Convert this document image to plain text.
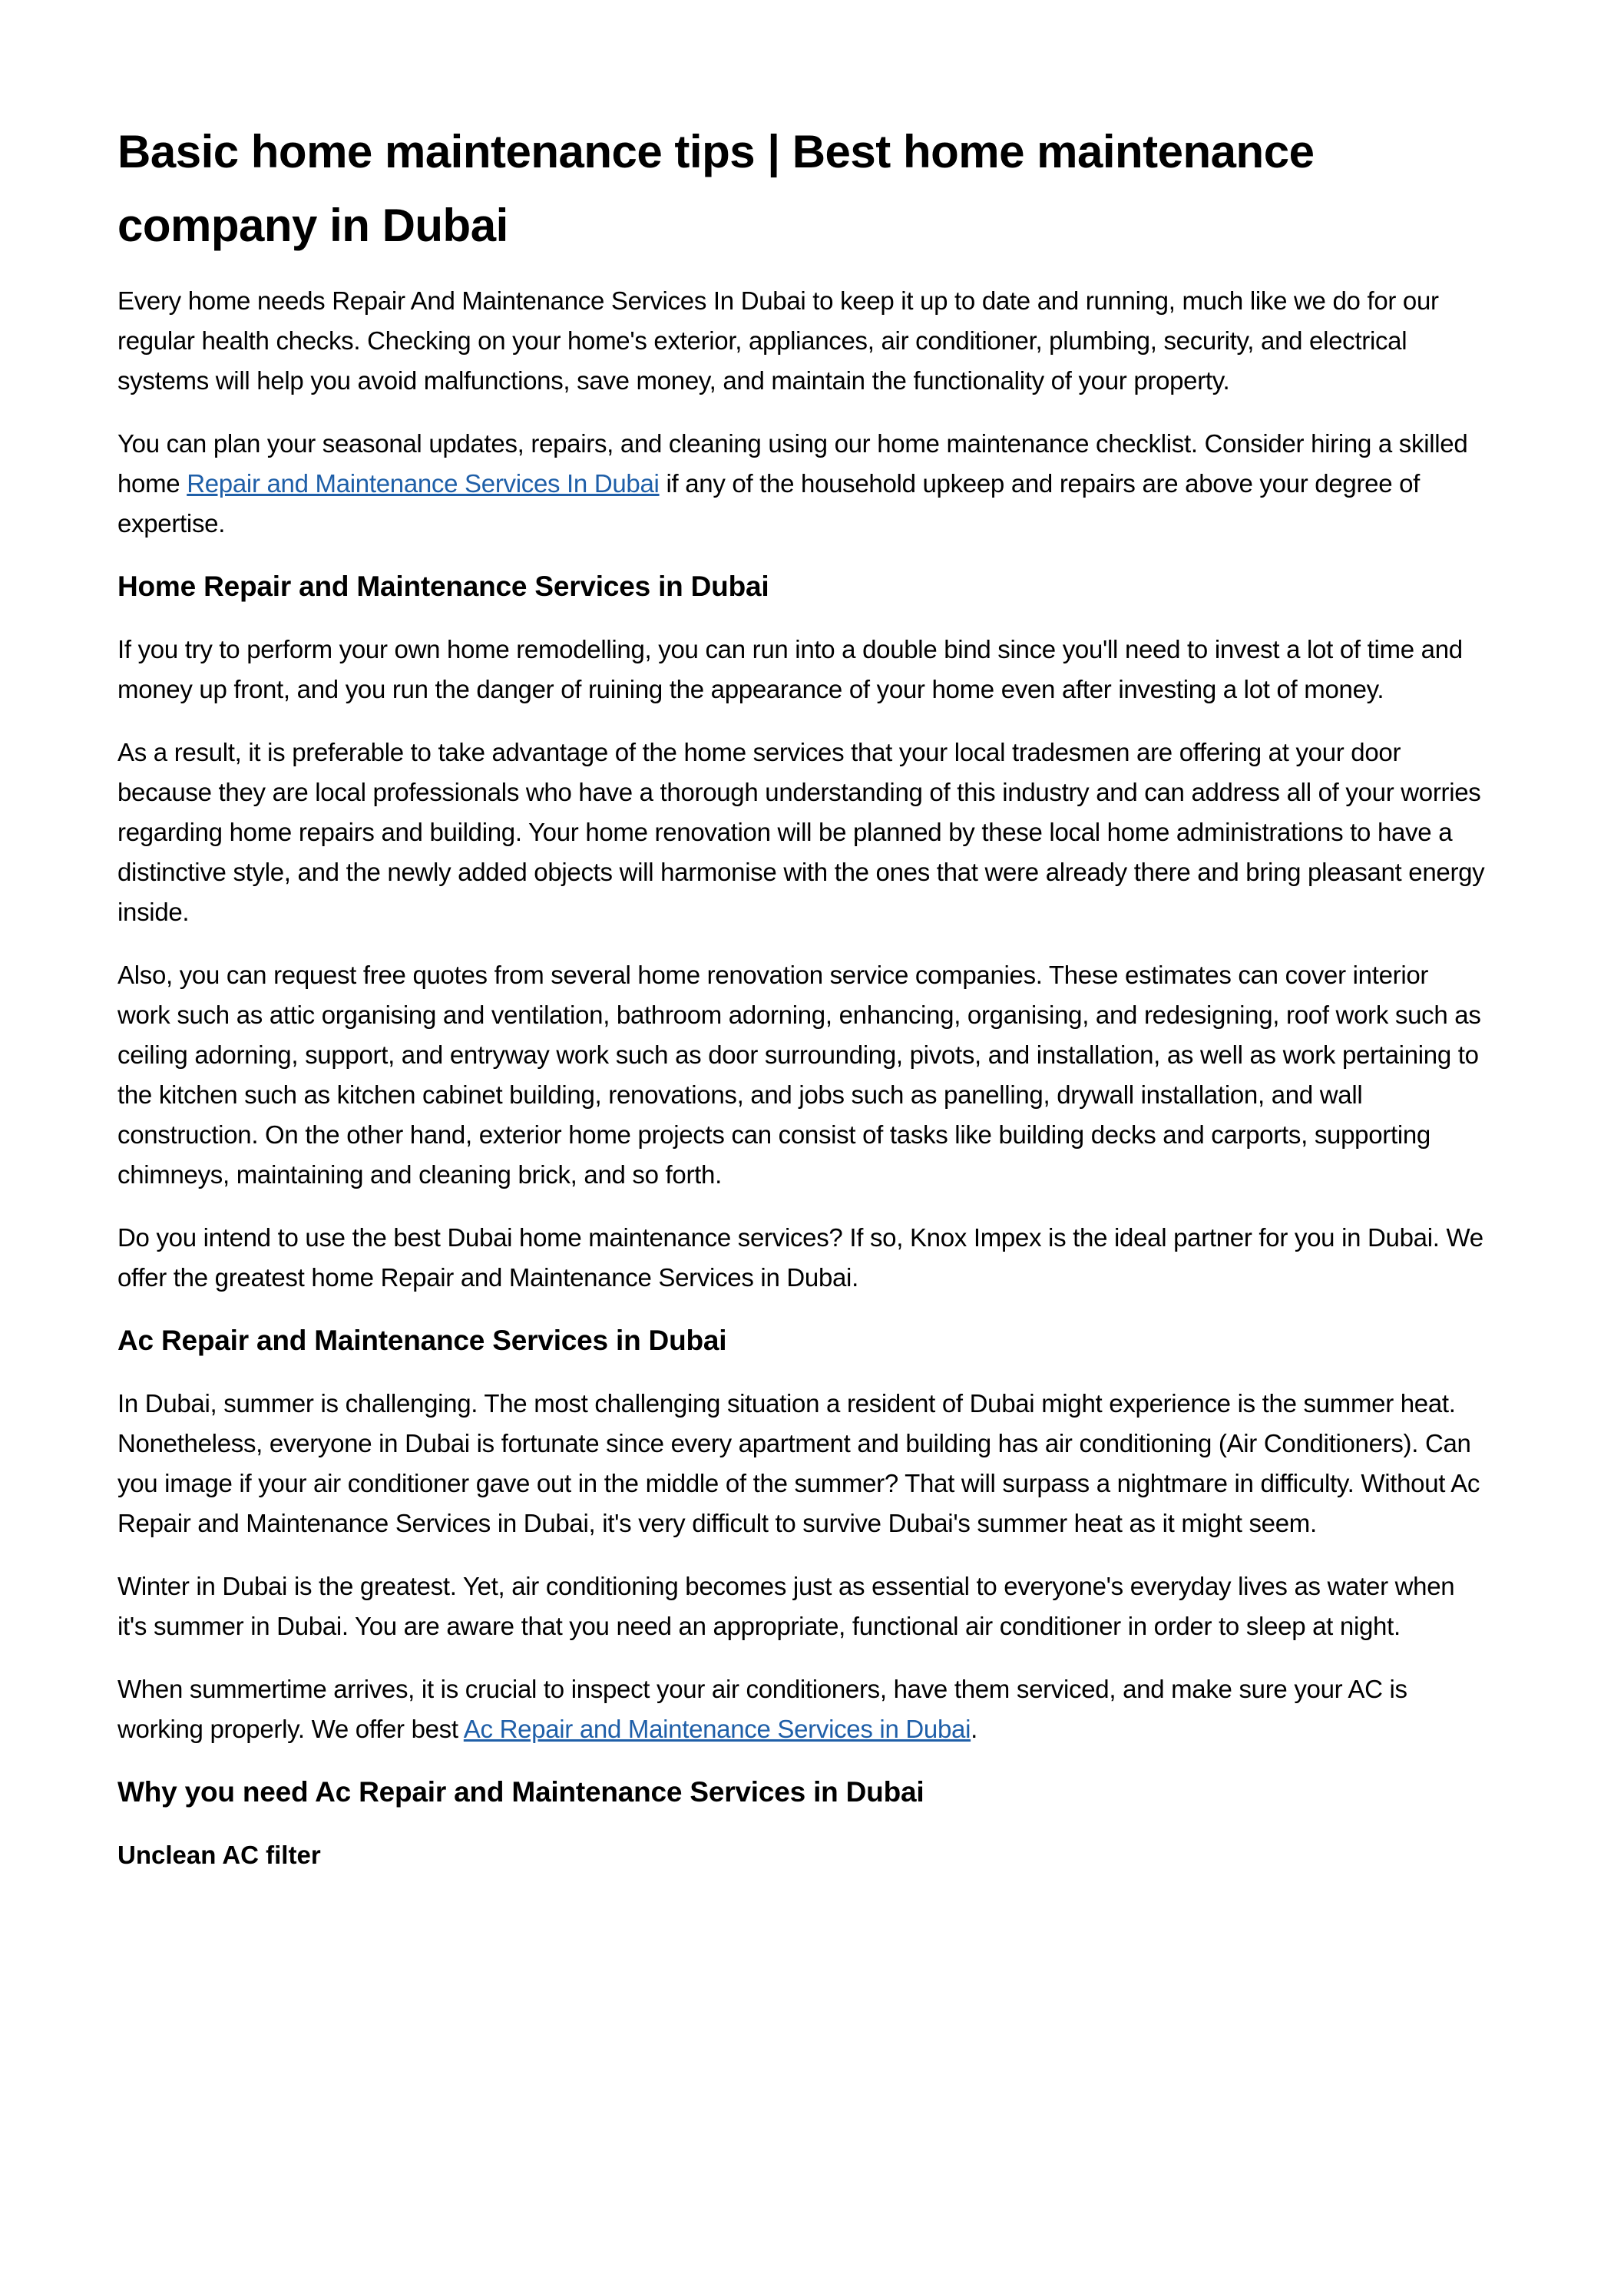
Basic home maintenance tips | Best home maintenance company in Dubai

Every home needs Repair And Maintenance Services In Dubai to keep it up to date and running, much like we do for our regular health checks. Checking on your home's exterior, appliances, air conditioner, plumbing, security, and electrical systems will help you avoid malfunctions, save money, and maintain the functionality of your property.

You can plan your seasonal updates, repairs, and cleaning using our home maintenance checklist. Consider hiring a skilled home Repair and Maintenance Services In Dubai if any of the household upkeep and repairs are above your degree of expertise.

Home Repair and Maintenance Services in Dubai

If you try to perform your own home remodelling, you can run into a double bind since you'll need to invest a lot of time and money up front, and you run the danger of ruining the appearance of your home even after investing a lot of money.

As a result, it is preferable to take advantage of the home services that your local tradesmen are offering at your door because they are local professionals who have a thorough understanding of this industry and can address all of your worries regarding home repairs and building. Your home renovation will be planned by these local home administrations to have a distinctive style, and the newly added objects will harmonise with the ones that were already there and bring pleasant energy inside.

Also, you can request free quotes from several home renovation service companies. These estimates can cover interior work such as attic organising and ventilation, bathroom adorning, enhancing, organising, and redesigning, roof work such as ceiling adorning, support, and entryway work such as door surrounding, pivots, and installation, as well as work pertaining to the kitchen such as kitchen cabinet building, renovations, and jobs such as panelling, drywall installation, and wall construction. On the other hand, exterior home projects can consist of tasks like building decks and carports, supporting chimneys, maintaining and cleaning brick, and so forth.

Do you intend to use the best Dubai home maintenance services? If so, Knox Impex is the ideal partner for you in Dubai. We offer the greatest home Repair and Maintenance Services in Dubai.

Ac Repair and Maintenance Services in Dubai

In Dubai, summer is challenging. The most challenging situation a resident of Dubai might experience is the summer heat. Nonetheless, everyone in Dubai is fortunate since every apartment and building has air conditioning (Air Conditioners). Can you image if your air conditioner gave out in the middle of the summer? That will surpass a nightmare in difficulty. Without Ac Repair and Maintenance Services in Dubai, it's very difficult to survive Dubai's summer heat as it might seem.

Winter in Dubai is the greatest. Yet, air conditioning becomes just as essential to everyone's everyday lives as water when it's summer in Dubai. You are aware that you need an appropriate, functional air conditioner in order to sleep at night.

When summertime arrives, it is crucial to inspect your air conditioners, have them serviced, and make sure your AC is working properly. We offer best Ac Repair and Maintenance Services in Dubai.

Why you need Ac Repair and Maintenance Services in Dubai
Unclean AC filter
